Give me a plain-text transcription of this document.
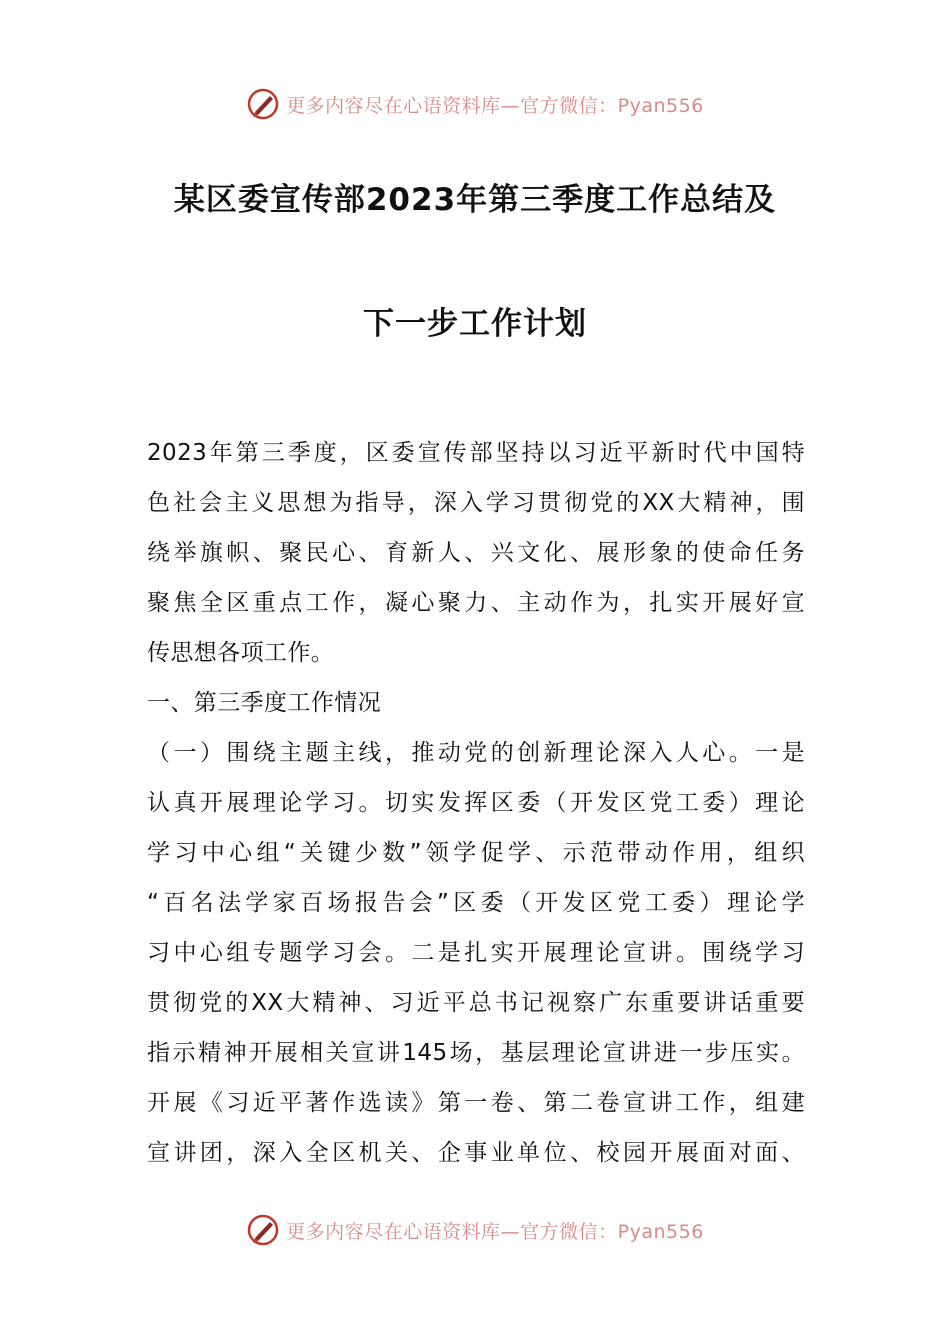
更多内容尽在心语资料库—官方微信：Pyan556
某区委宣传部2023年第三季度工作总结及
下一步工作计划
2023年第三季度，区委宣传部坚持以习近平新时代中国特
色社会主义思想为指导，深入学习贯彻党的XX大精神，围
绕举旗帜、聚民心、育新人、兴文化、展形象的使命任务
聚焦全区重点工作，凝心聚力、主动作为，扎实开展好宣
传思想各项工作。
一、第三季度工作情况
（一）围绕主题主线，推动党的创新理论深入人心。一是
认真开展理论学习。切实发挥区委（开发区党工委）理论
学习中心组“关键少数”领学促学、示范带动作用，组织
“百名法学家百场报告会”区委（开发区党工委）理论学
习中心组专题学习会。二是扎实开展理论宣讲。围绕学习
贯彻党的XX大精神、习近平总书记视察广东重要讲话重要
指示精神开展相关宣讲145场，基层理论宣讲进一步压实。
开展《习近平著作选读》第一卷、第二卷宣讲工作，组建
宣讲团，深入全区机关、企事业单位、校园开展面对面、
更多内容尽在心语资料库—官方微信：Pyan556
